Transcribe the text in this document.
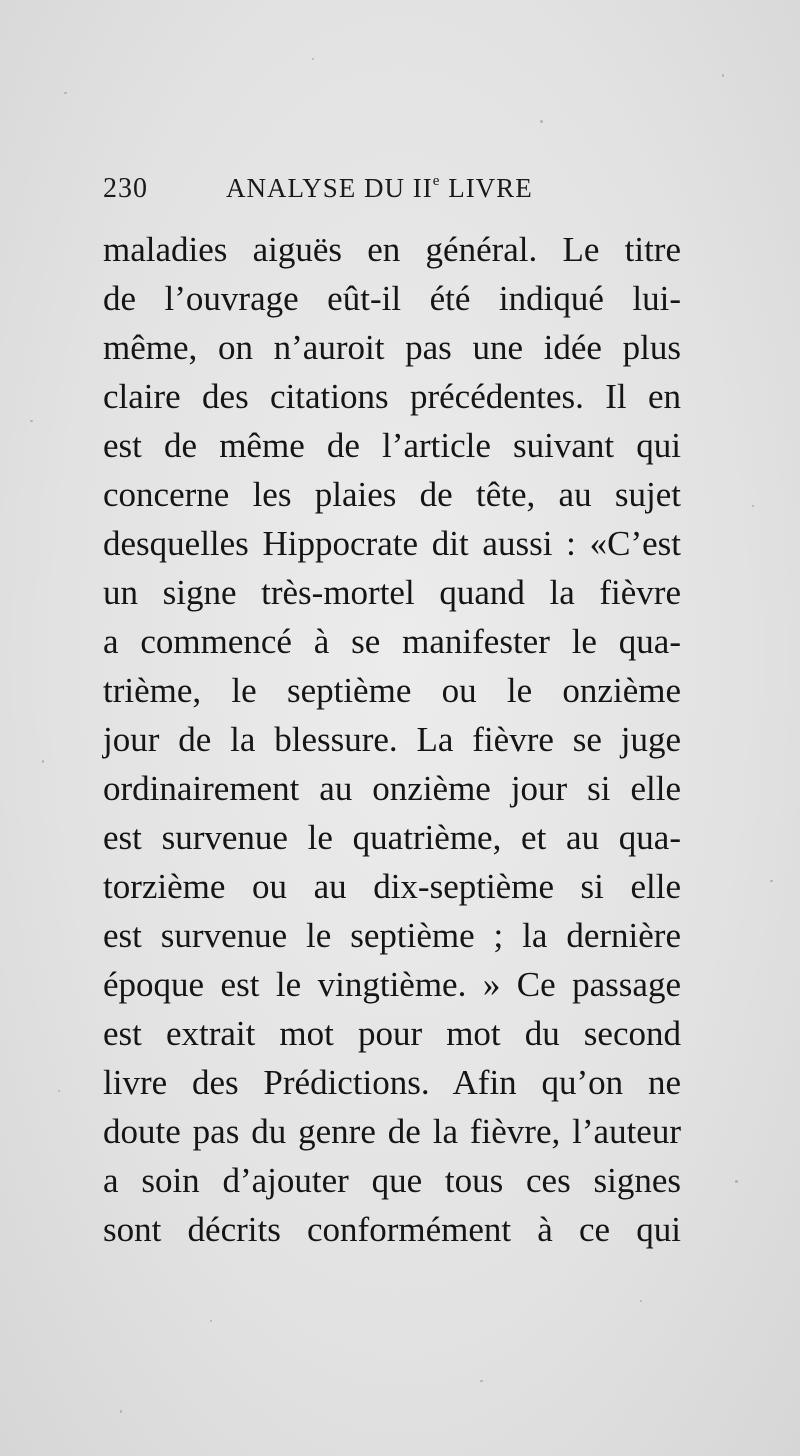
230	ANALYSE DU IIe LIVRE
maladies aiguës en général. Le titre
de l’ouvrage eût-il été indiqué lui-
même, on n’auroit pas une idée plus
claire des citations précédentes. Il en
est de même de l’article suivant qui
concerne les plaies de tête, au sujet
desquelles Hippocrate dit aussi : «C’est
un signe très-mortel quand la fièvre
a commencé à se manifester le qua-
trième, le septième ou le onzième
jour de la blessure. La fièvre se juge
ordinairement au onzième jour si elle
est survenue le quatrième, et au qua-
torzième ou au dix-septième si elle
est survenue le septième ; la dernière
époque est le vingtième. » Ce passage
est extrait mot pour mot du second
livre des Prédictions. Afin qu’on ne
doute pas du genre de la fièvre, l’auteur
a soin d’ajouter que tous ces signes
sont décrits conformément à ce qui
